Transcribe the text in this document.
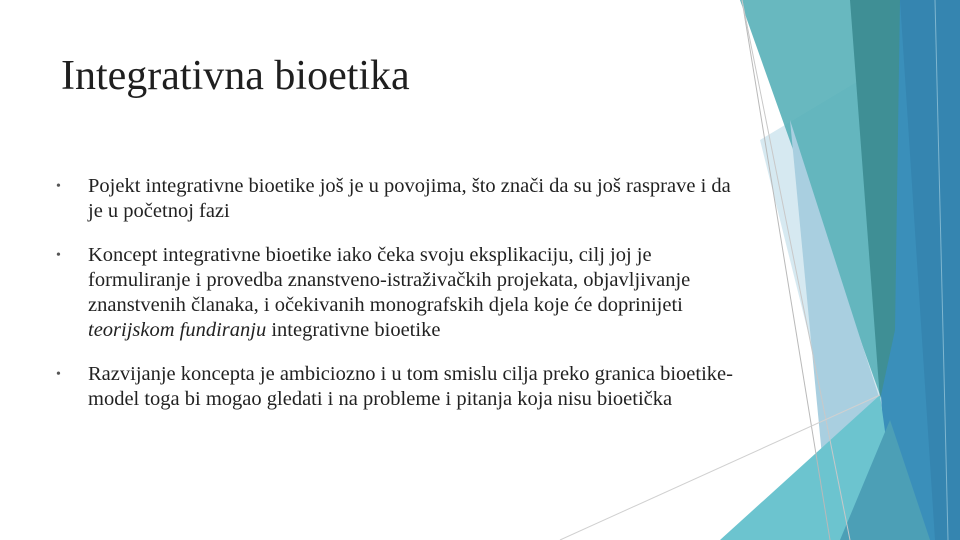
Integrativna bioetika
• Pojekt integrativne bioetike još je u povojima, što znači da su još rasprave i da je u početnoj fazi
• Koncept integrativne bioetike iako čeka svoju eksplikaciju, cilj joj je formuliranje i provedba znanstveno-istraživačkih projekata, objavljivanje znanstvenih članaka, i očekivanih monografskih djela koje će doprinijeti teorijskom fundiranju integrativne bioetike
• Razvijanje koncepta je ambiciozno i u tom smislu cilja preko granica bioetike-model toga bi mogao gledati i na probleme i pitanja koja nisu bioetička
